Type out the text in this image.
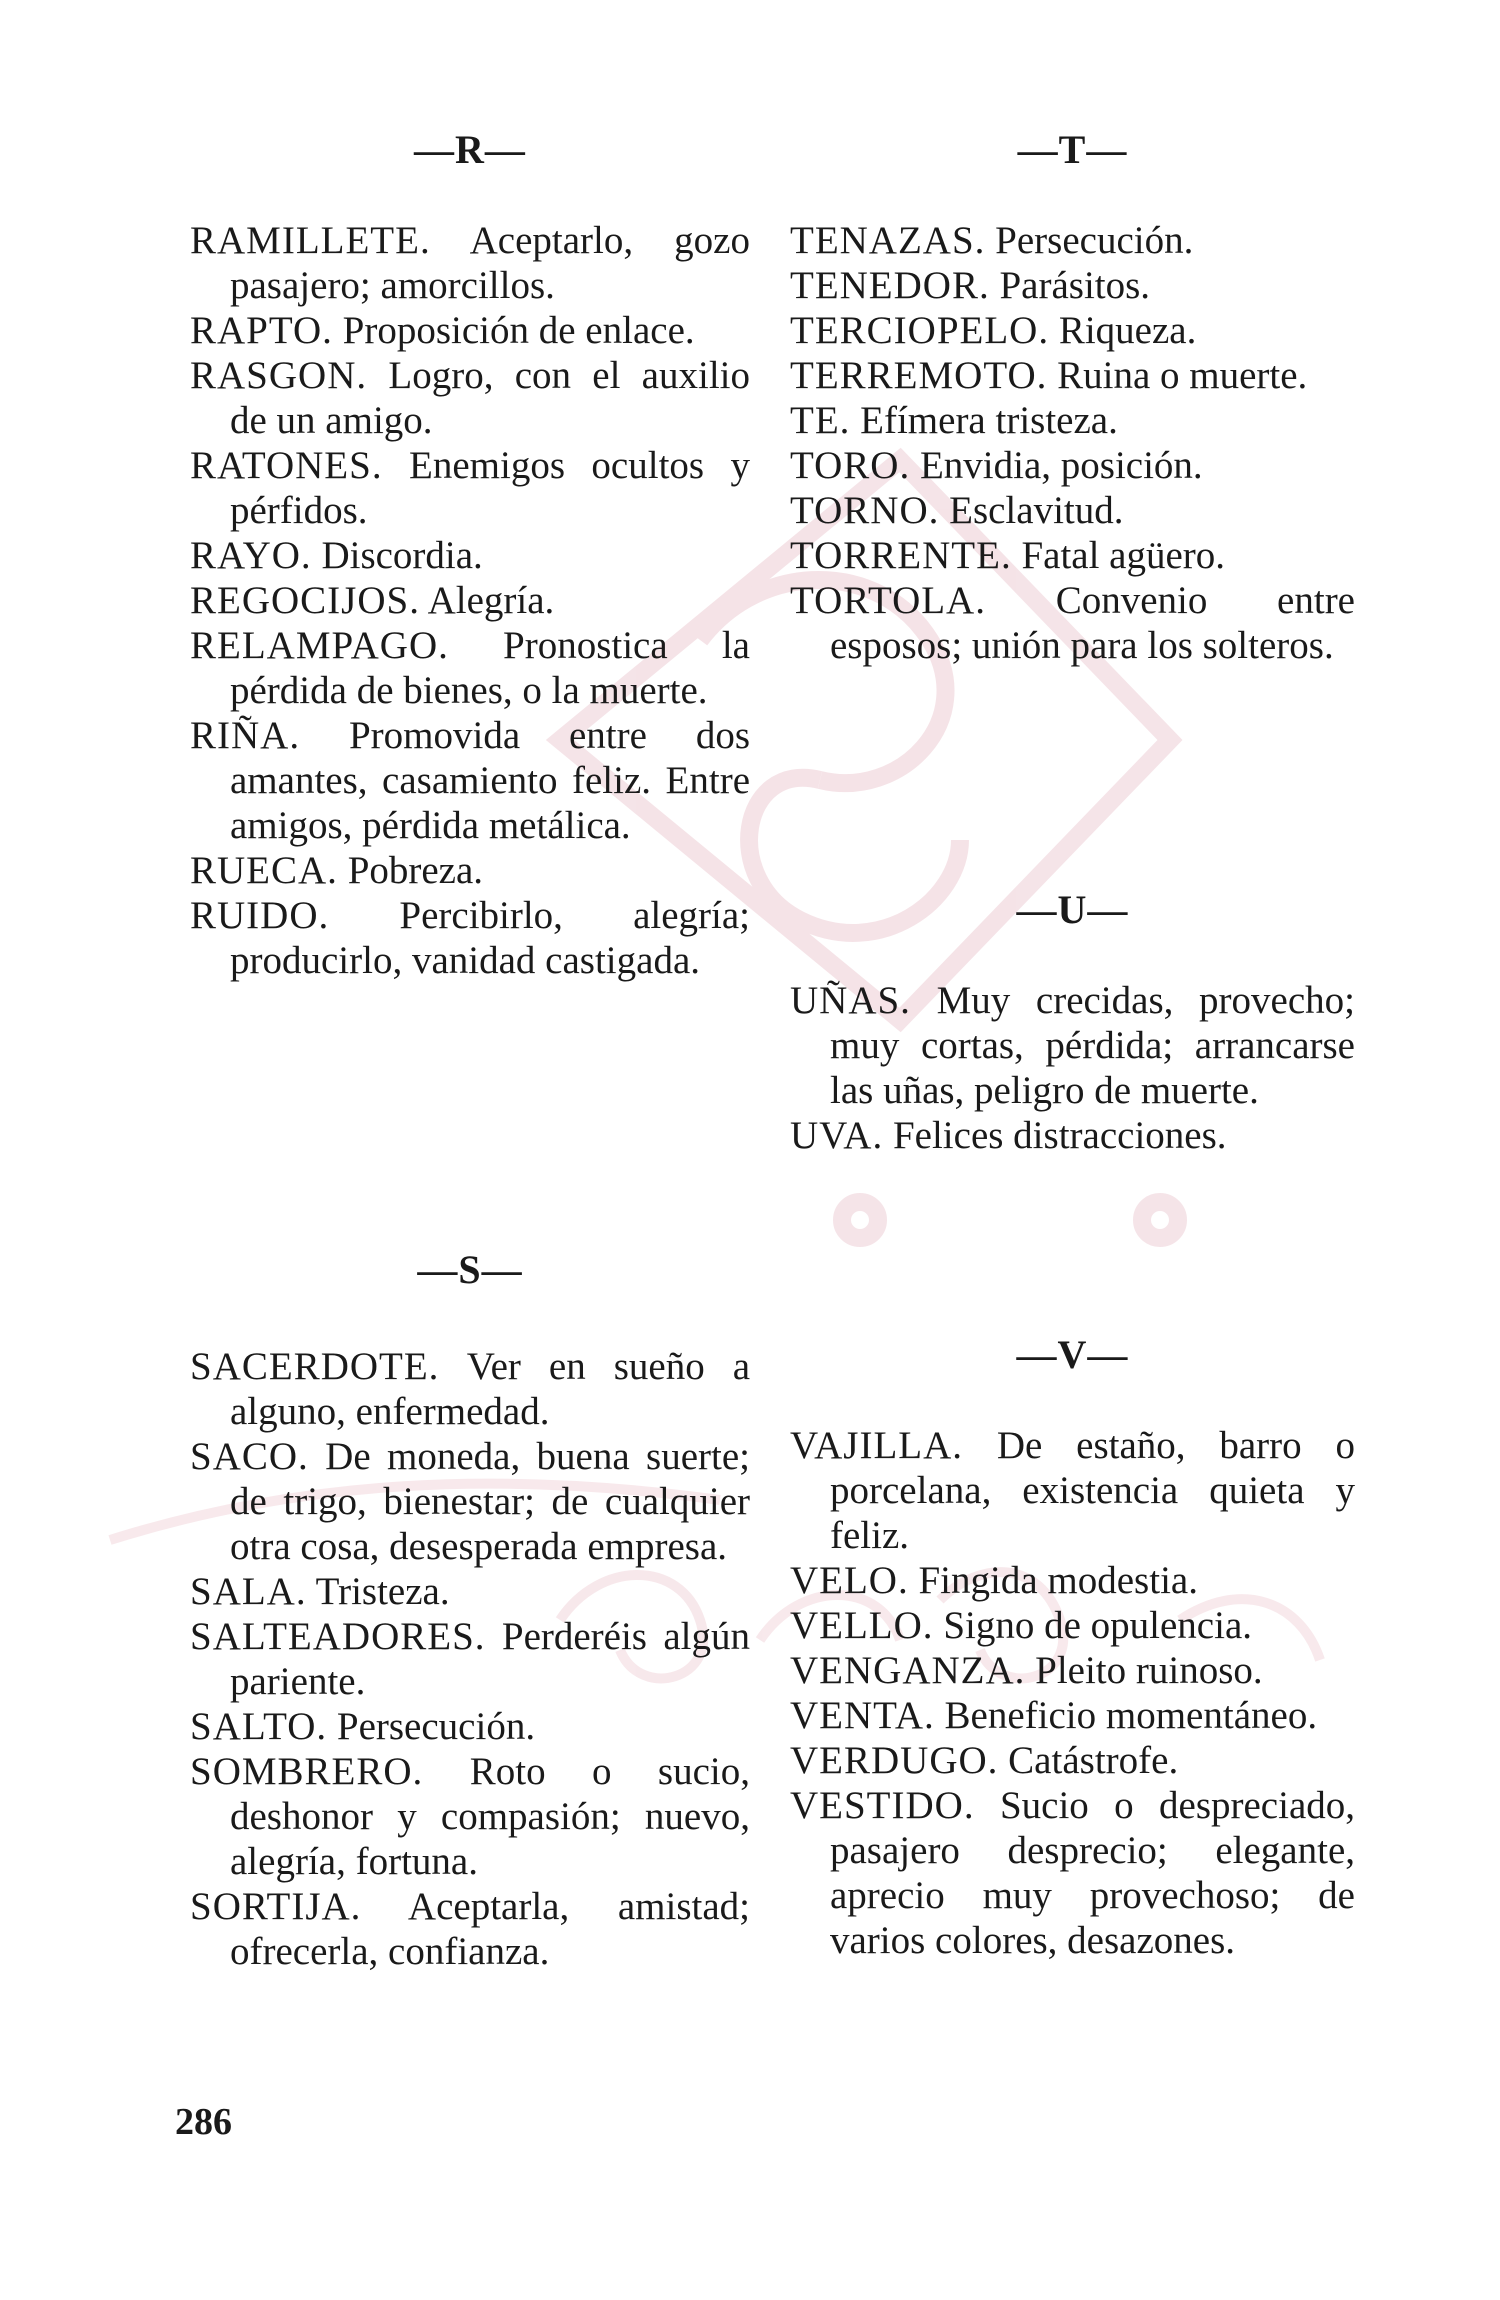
—R—
RAMILLETE. Aceptarlo, gozo pasajero; amorcillos.
RAPTO. Proposición de enlace.
RASGON. Logro, con el auxilio de un amigo.
RATONES. Enemigos ocultos y pérfidos.
RAYO. Discordia.
REGOCIJOS. Alegría.
RELAMPAGO. Pronostica la pérdida de bienes, o la muerte.
RIÑA. Promovida entre dos amantes, casamiento feliz. Entre amigos, pérdida metálica.
RUECA. Pobreza.
RUIDO. Percibirlo, alegría; producirlo, vanidad castigada.
—S—
SACERDOTE. Ver en sueño a alguno, enfermedad.
SACO. De moneda, buena suerte; de trigo, bienestar; de cualquier otra cosa, desesperada empresa.
SALA. Tristeza.
SALTEADORES. Perderéis algún pariente.
SALTO. Persecución.
SOMBRERO. Roto o sucio, deshonor y compasión; nuevo, alegría, fortuna.
SORTIJA. Aceptarla, amistad; ofrecerla, confianza.
—T—
TENAZAS. Persecución.
TENEDOR. Parásitos.
TERCIOPELO. Riqueza.
TERREMOTO. Ruina o muerte.
TE. Efímera tristeza.
TORO. Envidia, posición.
TORNO. Esclavitud.
TORRENTE. Fatal agüero.
TORTOLA. Convenio entre esposos; unión para los solteros.
—U—
UÑAS. Muy crecidas, provecho; muy cortas, pérdida; arrancarse las uñas, peligro de muerte.
UVA. Felices distracciones.
—V—
VAJILLA. De estaño, barro o porcelana, existencia quieta y feliz.
VELO. Fingida modestia.
VELLO. Signo de opulencia.
VENGANZA. Pleito ruinoso.
VENTA. Beneficio momentáneo.
VERDUGO. Catástrofe.
VESTIDO. Sucio o despreciado, pasajero desprecio; elegante, aprecio muy provechoso; de varios colores, desazones.
286
